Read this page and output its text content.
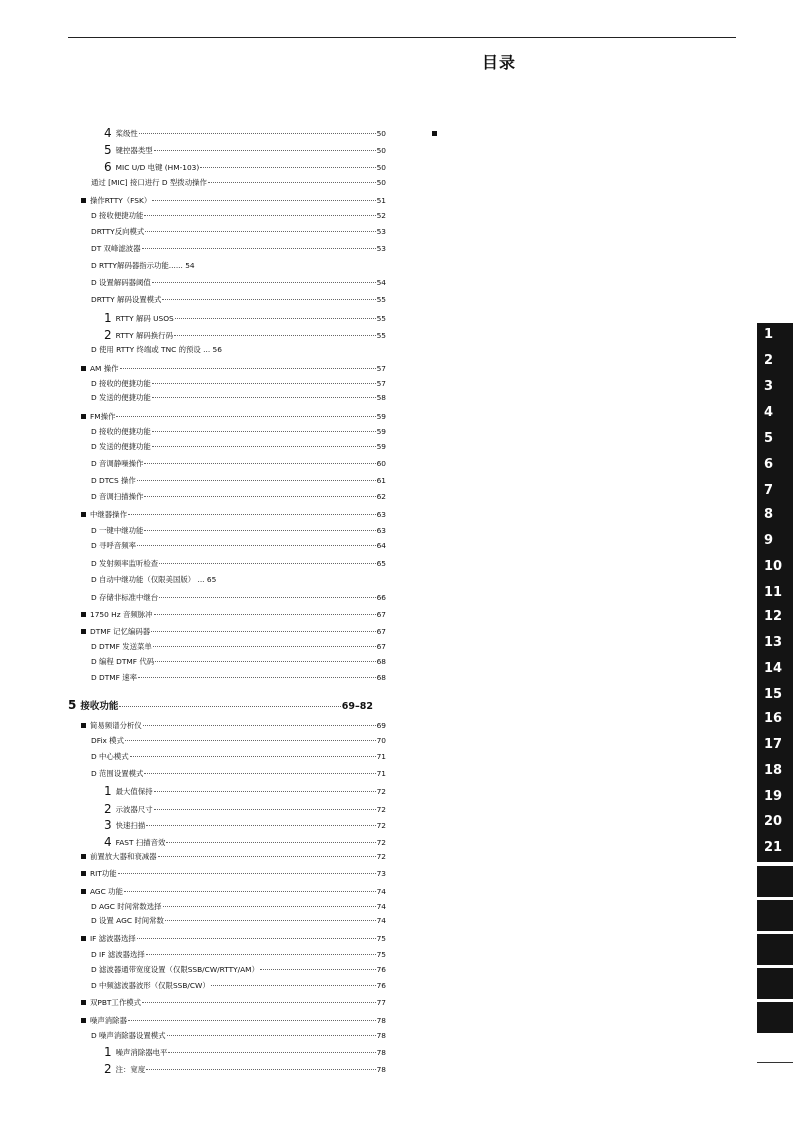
目录
4 桨级性	50
5 键控器类型	50
6 MIC U/D 电键 (HM-103)	50
通过 [MIC] 接口进行 D 型拨动操作	50
操作RTTY（FSK）	51
D 接收便捷功能	52
DRTTY反向模式	53
DT 双峰滤波器	53
D RTTY解码器指示功能...... 54
D 设置解码器阈值	54
DRTTY 解码设置模式	55
1 RTTY 解码 USOS	55
2 RTTY 解码换行码	55
D 使用 RTTY 终端或 TNC 的预设 ... 56
AM 操作	57
D 接收的便捷功能	57
D 发送的便捷功能	58
FM操作	59
D 接收的便捷功能	59
D 发送的便捷功能	59
D 音调静噪操作	60
D DTCS 操作	61
D 音调扫描操作	62
中继器操作	63
D 一键中继功能	63
D 寻呼音频率	64
D 发射频率监听检查	65
D 自动中继功能（仅限美国版） ... 65
D 存储非标准中继台	66
1750 Hz 音频脉冲	67
DTMF 记忆编码器	67
D DTMF 发送菜单	67
D 编程 DTMF 代码	68
D DTMF 速率	68
5 接收功能	69–82
简易频谱分析仪	69
DFix 模式	70
D 中心模式	71
D 范围设置模式	71
1 最大值保持	72
2 示波器尺寸	72
3 快速扫描	72
4 FAST 扫描音效	72
前置放大器和衰减器	72
RIT功能	73
AGC 功能	74
D AGC 时间常数选择	74
D 设置 AGC 时间常数	74
IF 滤波器选择	75
D IF 滤波器选择	75
D 滤波器通带宽度设置（仅限SSB/CW/RTTY/AM）	76
D 中频滤波器波形（仅限SSB/CW）	76
双PBT工作模式	77
噪声消除器	78
D 噪声消除器设置模式	78
1 噪声消除器电平	78
2 注：宽度	78
1
2
3
4
5
6
7
8
9
10
11
12
13
14
15
16
17
18
19
20
21
